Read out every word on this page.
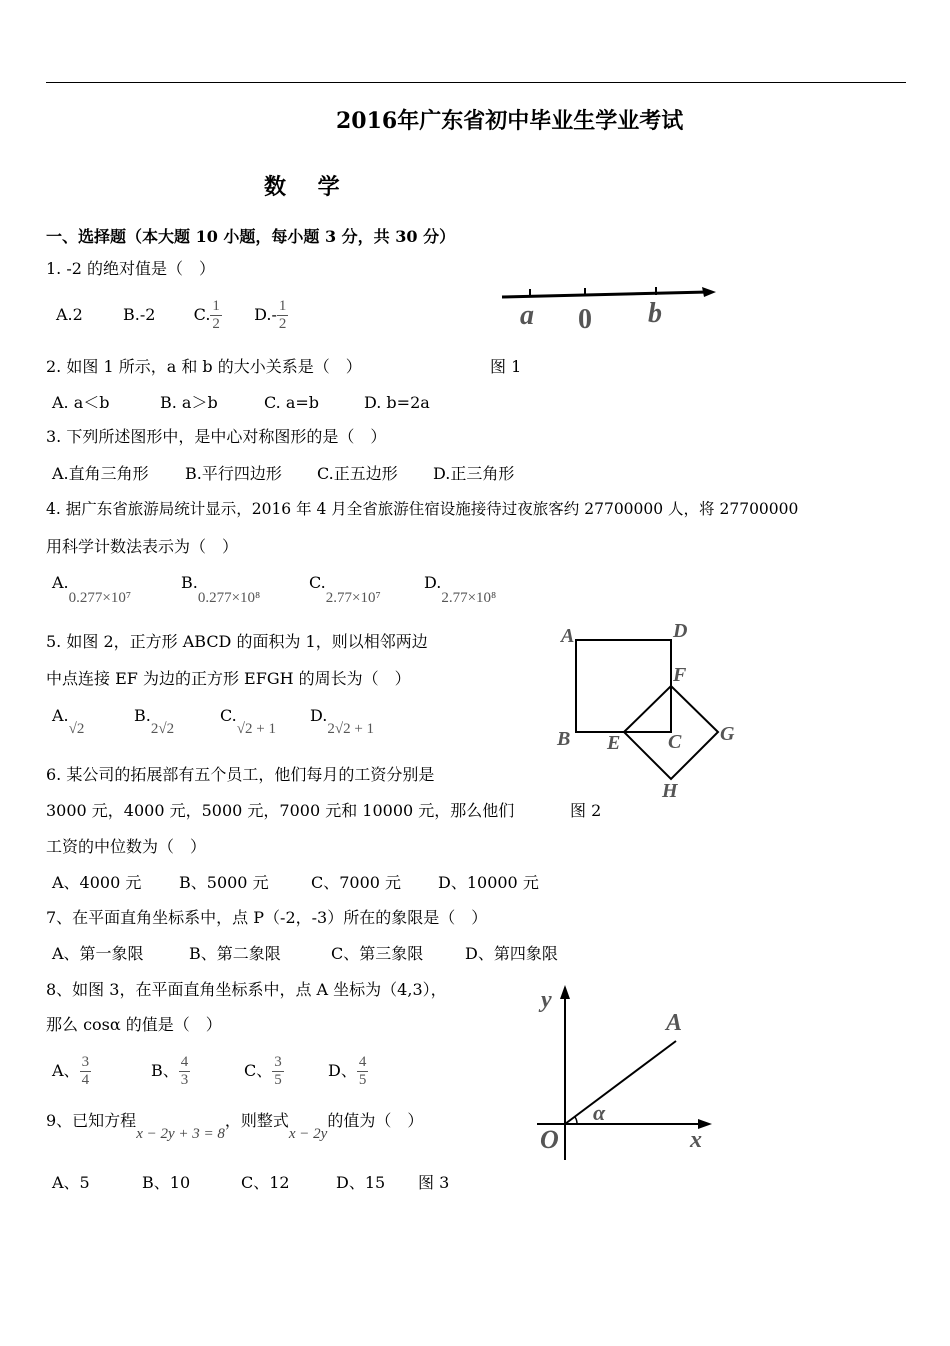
2016年广东省初中毕业生学业考试
数 学
一、选择题（本大题 10 小题，每小题 3 分，共 30 分）
1. -2 的绝对值是（　）
A.2	B.-2 C. $\frac{1}{2} D.- \frac{1}{2}$	a 0 b
2. 如图 1 所示，a 和 b 的大小关系是（　）	图 1
A. a＜b	B. a＞b	C. a=b	D. b=2a
3. 下列所述图形中，是中心对称图形的是（　）
A.直角三角形 B.平行四边形 C.正五边形 D.正三角形
4. 据广东省旅游局统计显示，2016 年 4 月全省旅游住宿设施接待过夜旅客约 27700000 人，将 27700000
用科学计数法表示为（　）
A.0.277×10⁷B.0.277×10⁸C.2.77×10⁷D.2.77×10⁸
5. 如图 2，正方形 ABCD 的面积为 1，则以相邻两边
中点连接 EF 为边的正方形 EFGH 的周长为（　）
A.√2B.2√2C.√2 + 1D.2√2 + 1
A	D
F
B E C G
H
6. 某公司的拓展部有五个员工，他们每月的工资分别是
3000 元，4000 元，5000 元，7000 元和 10000 元，那么他们	图 2
工资的中位数为（　）
A、4000 元 B、5000 元	C、7000 元 D、10000 元
7、在平面直角坐标系中，点 P（-2，-3）所在的象限是（　）
A、第一象限	B、第二象限	C、第三象限	D、第四象限
8、如图 3，在平面直角坐标系中，点 A 坐标为（4,3），
那么 cosα 的值是（　）
A、 $\frac{3}{4}$	B、 $\frac{4}{3}$	C、 $\frac{3}{5}$	D、 $\frac{4}{5}$
y
A
α
O	x
9、已知方程x − 2y + 3 = 8，则整式x − 2y的值为（　）
A、5	B、10	C、12	D、15 图 3
